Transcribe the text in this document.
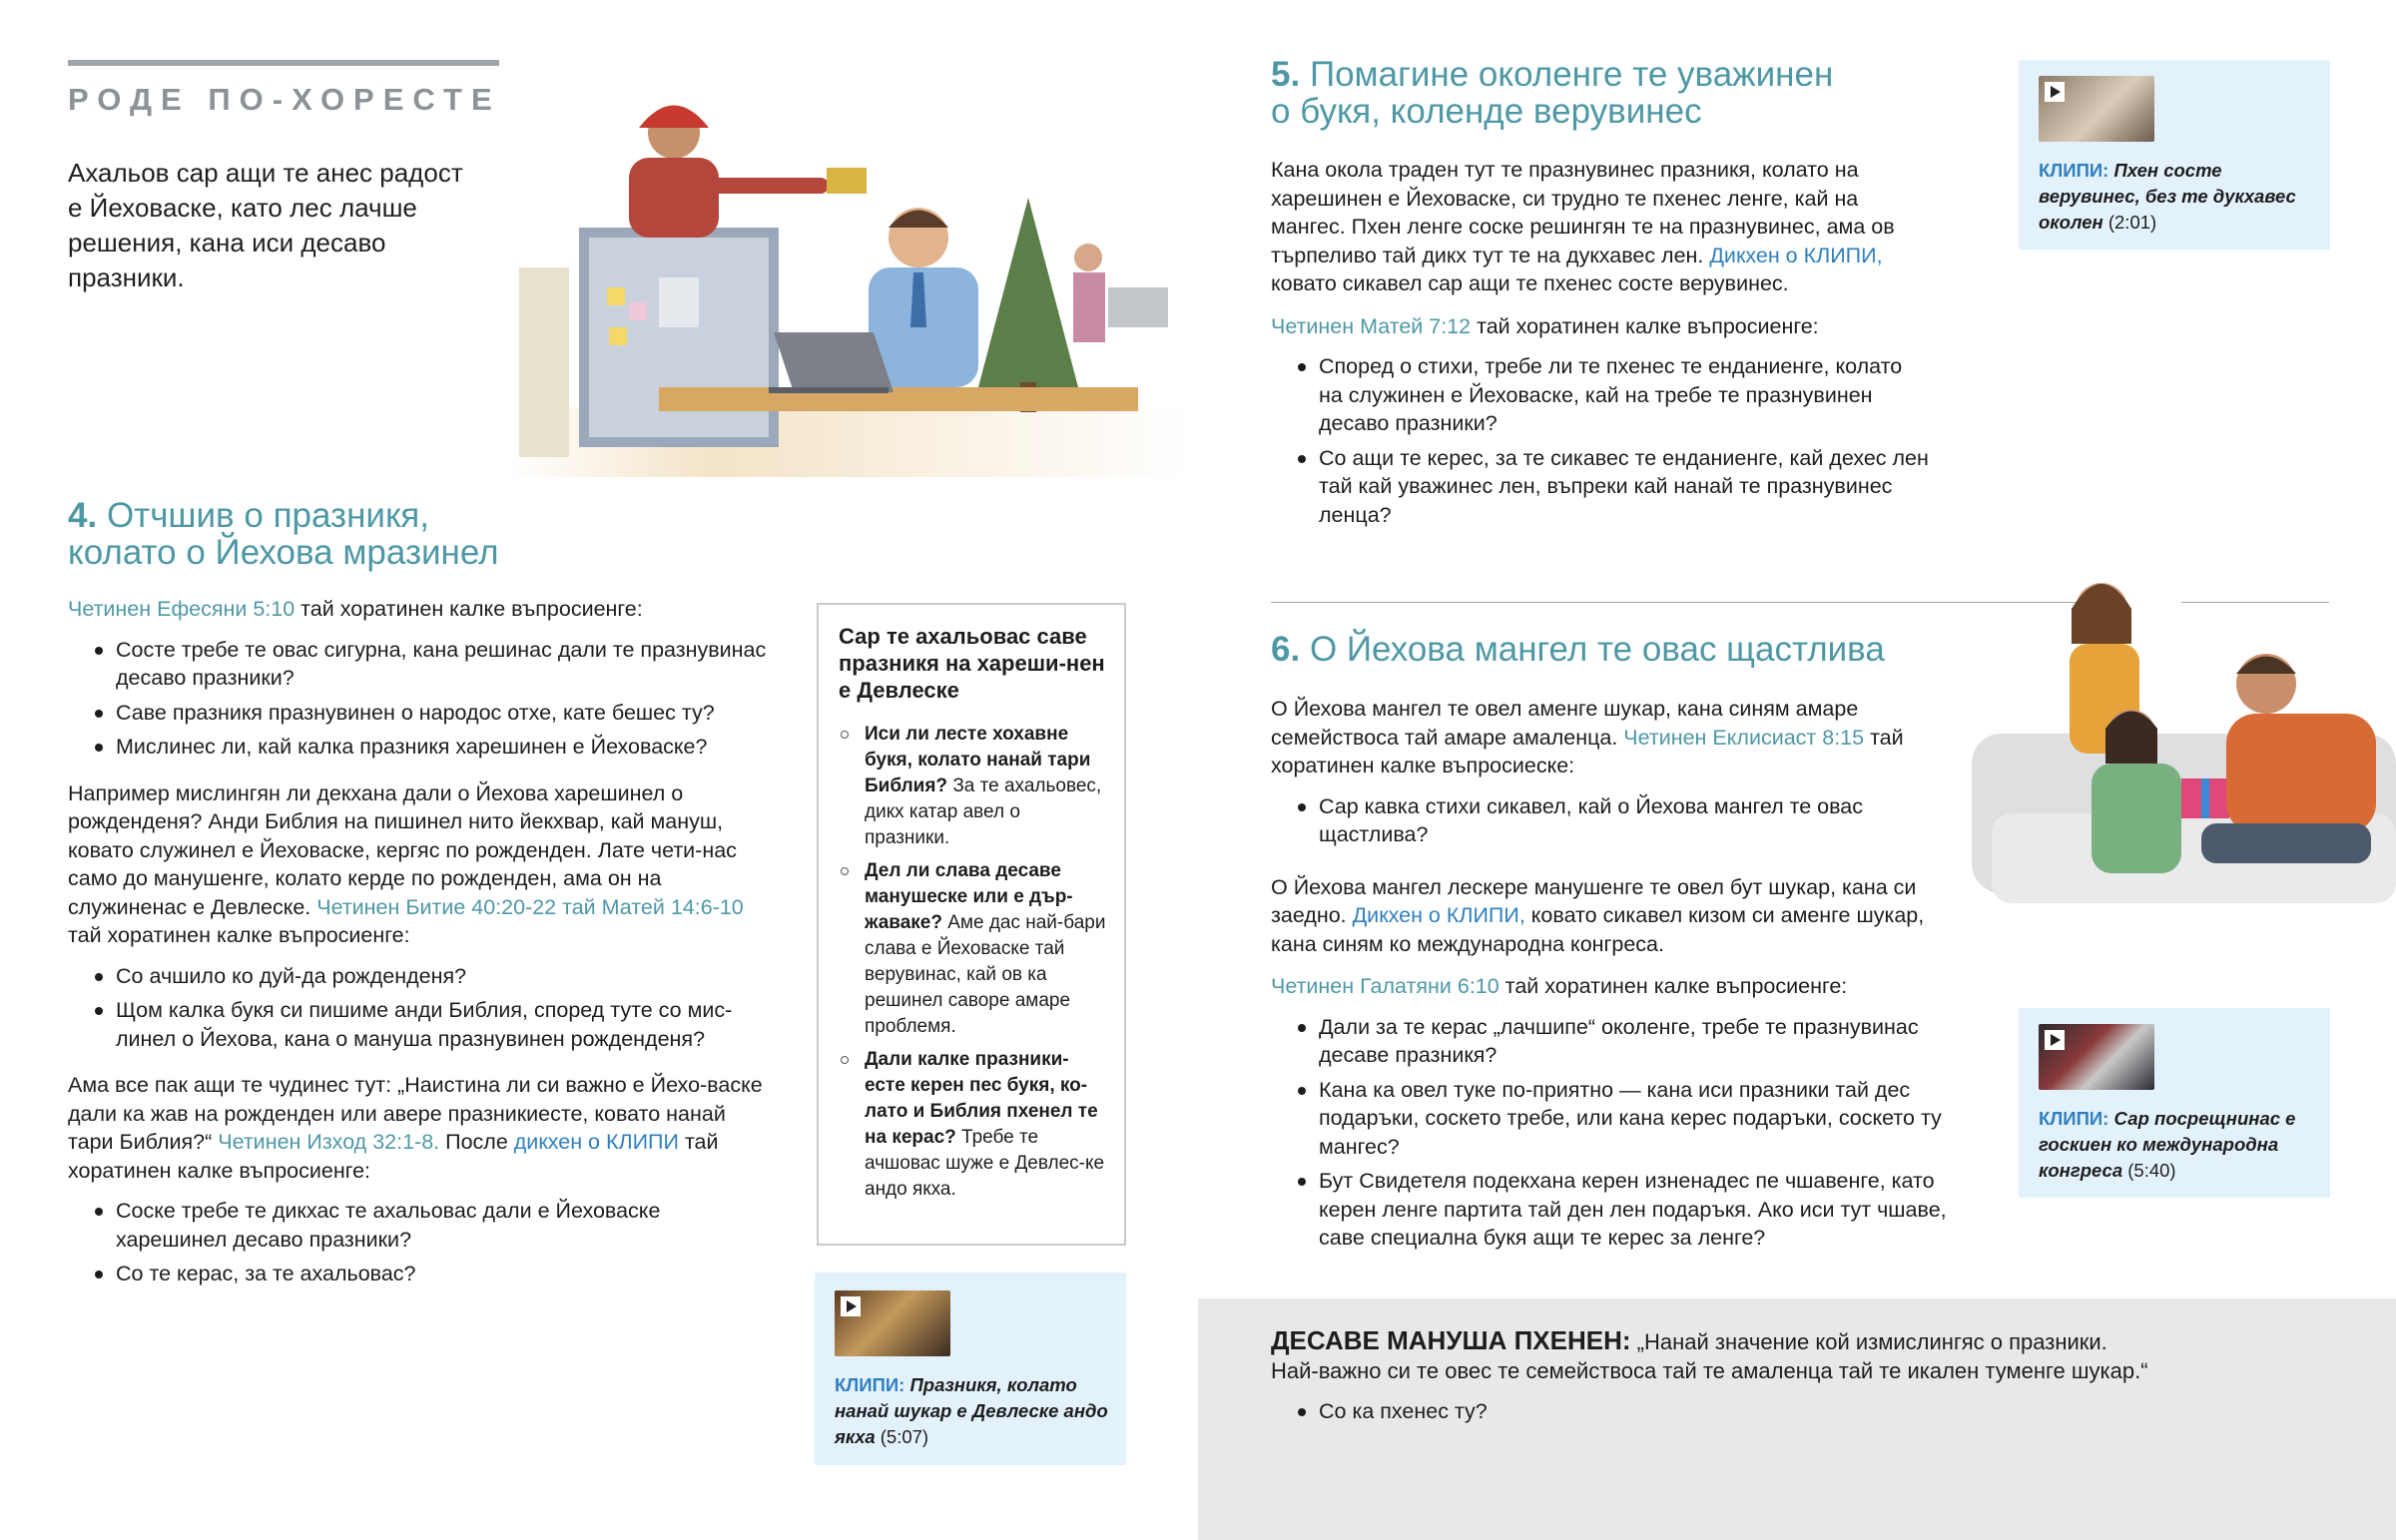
РОДЕ ПО-ХОРЕСТЕ
Ахальов сар ащи те анес радост е Йеховаске, като лес лачше решения, кана иси десаво празники.
4. Отчшив о празникя,
колато о Йехова мразинел

Четинен Ефесяни 5:10 тай хоратинен калке въпросиенге:

Состе требе те овас сигурна, кана решинас дали те празнувинас десаво празники?
Саве празникя празнувинен о народос отхе, кате бешес ту?
Мислинес ли, кай калка празникя харешинен е Йеховаске?

Например мислингян ли декхана дали о Йехова харешинел о рожденденя? Анди Библия на пишинел нито йекхвар, кай мануш, ковато служинел е Йеховаске, кергяс по рожденден. Лате чети-нас само до манушенге, колато керде по рожденден, ама он на служиненас е Девлеске. Четинен Битие 40:20-22 тай Матей 14:6-10 тай хоратинен калке въпросиенге:

Со ачшило ко дуй-да рожденденя?
Щом калка букя си пишиме анди Библия, според туте со мис-линел о Йехова, кана о мануша празнувинен рожденденя?

Ама все пак ащи те чудинес тут: „Наистина ли си важно е Йехо-васке дали ка жав на рожденден или авере празникиесте, ковато нанай тари Библия?“ Четинен Изход 32:1-8. После дикхен о КЛИПИ тай хоратинен калке въпросиенге:

Соске требе те дикхас те ахальовас дали е Йеховаске харешинел десаво празники?
Со те керас, за те ахальовас?
Сар те ахальовас саве празникя на хареши-нен е Девлеске
Иси ли лесте хохавне букя, колато нанай тари Библия? За те ахальовес, дикх катар авел о празники.
Дел ли слава десаве манушеске или е дър-жаваке? Аме дас най-бари слава е Йеховаске тай верувинас, кай ов ка решинел саворе амаре проблемя.
Дали калке празники-есте керен пес букя, ко-лато и Библия пхенел те на керас? Требе те ачшовас шуже е Девлес-ке андо якха.
КЛИПИ: Празникя, колато нанай шукар е Девлеске андо якха (5:07)
5. Помагине околенге те уважинен
о букя, коленде верувинес

Кана окола траден тут те празнувинес празникя, колато на харешинен е Йеховаске, си трудно те пхенес ленге, кай на мангес. Пхен ленге соске решингян те на празнувинес, ама ов търпеливо тай дикх тут те на дукхавес лен. Дикхен о КЛИПИ, ковато сикавел сар ащи те пхенес состе верувинес.

Четинен Матей 7:12 тай хоратинен калке въпросиенге:

Според о стихи, требе ли те пхенес те енданиенге, колато на служинен е Йеховаске, кай на требе те празнувинен десаво празники?
Со ащи те керес, за те сикавес те енданиенге, кай дехес лен тай кай уважинес лен, въпреки кай нанай те празнувинес ленца?
КЛИПИ: Пхен состе верувинес, без те дукхавес околен (2:01)
6. О Йехова мангел те овас щастлива

О Йехова мангел те овел аменге шукар, кана синям амаре семействоса тай амаре амаленца. Четинен Еклисиаст 8:15 тай хоратинен калке въпросиеске:

Сар кавка стихи сикавел, кай о Йехова мангел те овас щастлива?

О Йехова мангел лескере манушенге те овел бут шукар, кана си заедно. Дикхен о КЛИПИ, ковато сикавел кизом си аменге шукар, кана синям ко международна конгреса.

Четинен Галатяни 6:10 тай хоратинен калке въпросиенге:

Дали за те керас „лачшипе“ околенге, требе те празнувинас десаве празникя?
Кана ка овел туке по-приятно — кана иси празники тай дес подаръки, соскето требе, или кана керес подаръки, соскето ту мангес?
Бут Свидетеля подекхана керен изненадес пе чшавенге, като керен ленге партита тай ден лен подаръкя. Ако иси тут чшаве, саве специална букя ащи те керес за ленге?
КЛИПИ: Сар посрещнинас е госкиен ко международна конгреса (5:40)

ДЕСАВЕ МАНУША ПХЕНЕН: „Нанай значение кой измислингяс о празники.

Най-важно си те овес те семействоса тай те амаленца тай те икален туменге шукар.“

Со ка пхенес ту?
